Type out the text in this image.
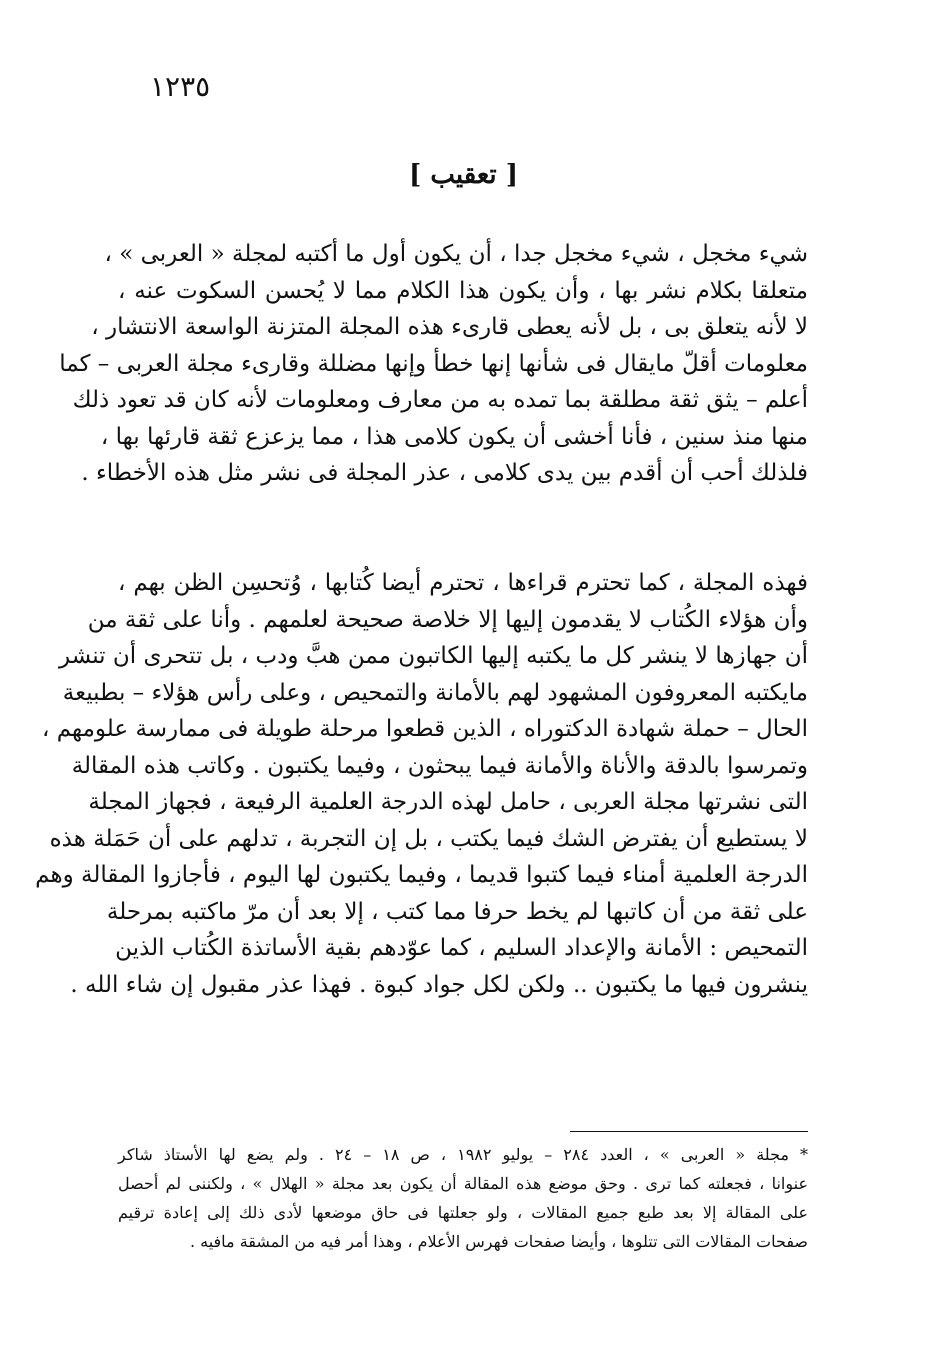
١٢٣٥
[ تعقيب ]
شيء مخجل ، شيء مخجل جدا ، أن يكون أول ما أكتبه لمجلة « العربى » ،
متعلقا بكلام نشر بها ، وأن يكون هذا الكلام مما لا يُحسن السكوت عنه ،
لا لأنه يتعلق بى ، بل لأنه يعطى قارىء هذه المجلة المتزنة الواسعة الانتشار ،
معلومات أقلّ مايقال فى شأنها إنها خطأ وإنها مضللة وقارىء مجلة العربى – كما
أعلم – يثق ثقة مطلقة بما تمده به من معارف ومعلومات لأنه كان قد تعود ذلك
منها منذ سنين ، فأنا أخشى أن يكون كلامى هذا ، مما يزعزع ثقة قارئها بها ،
فلذلك أحب أن أقدم بين يدى كلامى ، عذر المجلة فى نشر مثل هذه الأخطاء .
فهذه المجلة ، كما تحترم قراءها ، تحترم أيضا كُتابها ، وُتحسِن الظن بهم ،
وأن هؤلاء الكُتاب لا يقدمون إليها إلا خلاصة صحيحة لعلمهم . وأنا على ثقة من
أن جهازها لا ينشر كل ما يكتبه إليها الكاتبون ممن هبَّ ودب ، بل تتحرى أن تنشر
مايكتبه المعروفون المشهود لهم بالأمانة والتمحيص ، وعلى رأس هؤلاء – بطبيعة
الحال – حملة شهادة الدكتوراه ، الذين قطعوا مرحلة طويلة فى ممارسة علومهم ،
وتمرسوا بالدقة والأناة والأمانة فيما يبحثون ، وفيما يكتبون . وكاتب هذه المقالة
التى نشرتها مجلة العربى ، حامل لهذه الدرجة العلمية الرفيعة ، فجهاز المجلة
لا يستطيع أن يفترض الشك فيما يكتب ، بل إن التجربة ، تدلهم على أن حَمَلة هذه
الدرجة العلمية أمناء فيما كتبوا قديما ، وفيما يكتبون لها اليوم ، فأجازوا المقالة وهم
على ثقة من أن كاتبها لم يخط حرفا مما كتب ، إلا بعد أن مرّ ماكتبه بمرحلة
التمحيص : الأمانة والإعداد السليم ، كما عوّدهم بقية الأساتذة الكُتاب الذين
ينشرون فيها ما يكتبون .. ولكن لكل جواد كبوة . فهذا عذر مقبول إن شاء الله .
* مجلة « العربى » ، العدد ٢٨٤ – يوليو ١٩٨٢ ، ص ١٨ – ٢٤ . ولم يضع لها الأستاذ شاكر
عنوانا ، فجعلته كما ترى . وحق موضع هذه المقالة أن يكون بعد مجلة « الهلال » ، ولكننى لم أحصل
على المقالة إلا بعد طبع جميع المقالات ، ولو جعلتها فى حاق موضعها لأدى ذلك إلى إعادة ترقيم
صفحات المقالات التى تتلوها ، وأيضا صفحات فهرس الأعلام ، وهذا أمر فيه من المشقة مافيه .
